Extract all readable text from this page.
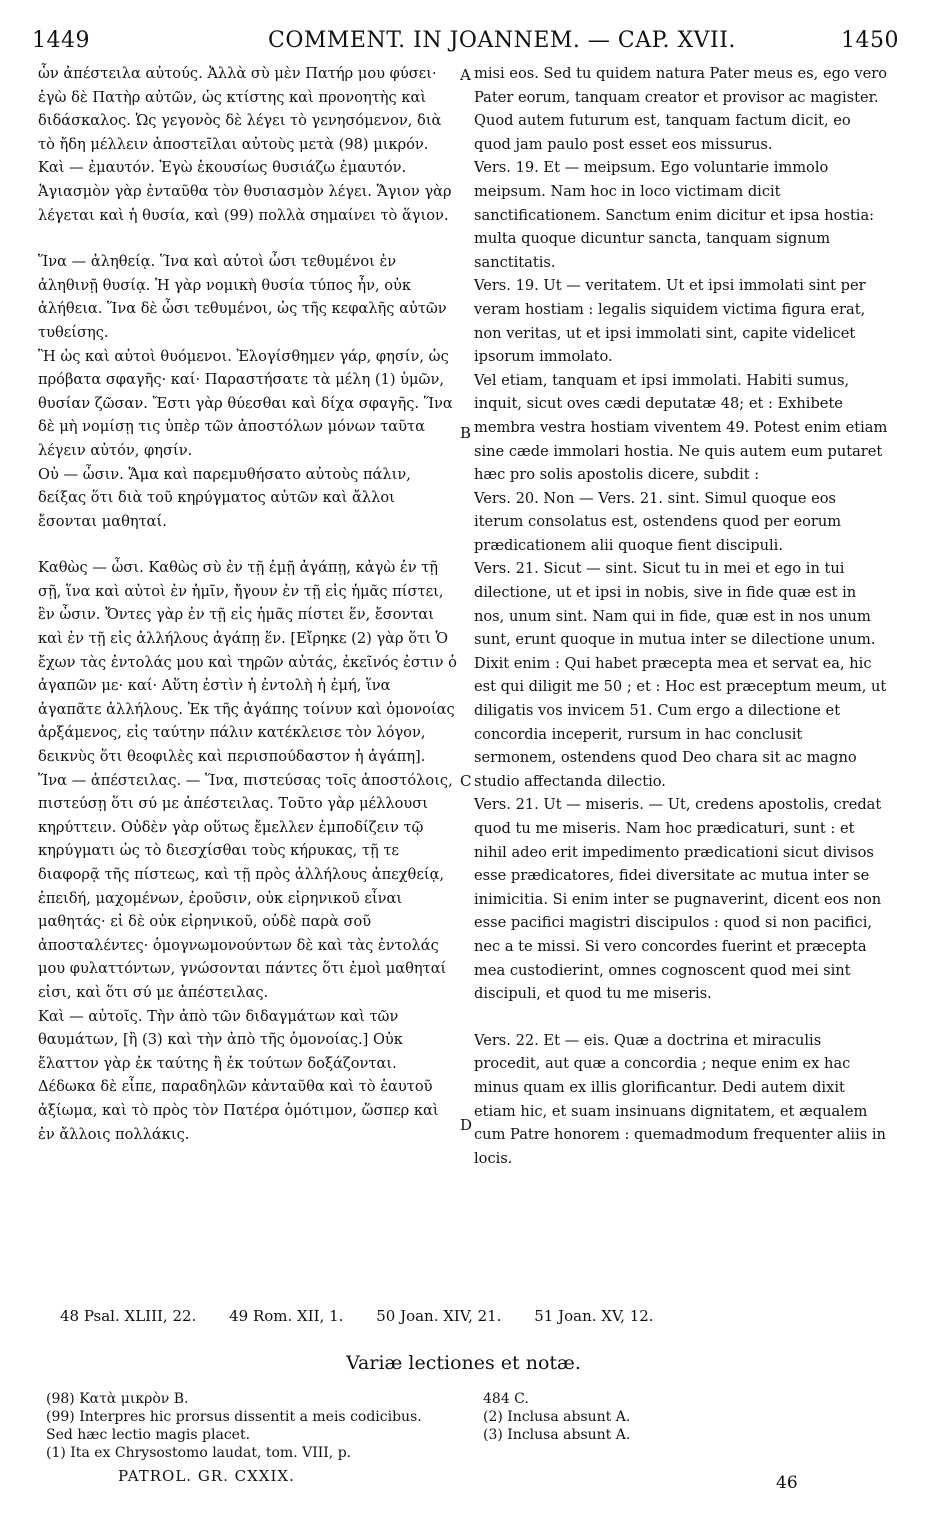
1449	COMMENT. IN JOANNEM. — CAP. XVII.	1450

ὧν ἀπέστειλα αὐτούς. Ἀλλὰ σὺ μὲν Πατήρ μου φύσει· ἐγὼ δὲ Πατὴρ αὐτῶν, ὡς κτίστης καὶ προνοητὴς καὶ διδάσκαλος. Ὡς γεγονὸς δὲ λέγει τὸ γενησόμενον, διὰ τὸ ἤδη μέλλειν ἀποστεῖλαι αὐτοὺς μετὰ (98) μικρόν.

Καὶ — ἐμαυτόν. Ἐγὼ ἑκουσίως θυσιάζω ἐμαυτόν. Ἁγιασμὸν γὰρ ἐνταῦθα τὸν θυσιασμὸν λέγει. Ἅγιον γὰρ λέγεται καὶ ἡ θυσία, καὶ (99) πολλὰ σημαίνει τὸ ἅγιον.

Ἵνα — ἀληθείᾳ. Ἵνα καὶ αὐτοὶ ὦσι τεθυμένοι ἐν ἀληθινῇ θυσίᾳ. Ἡ γὰρ νομικὴ θυσία τύπος ἦν, οὐκ ἀλήθεια. Ἵνα δὲ ὦσι τεθυμένοι, ὡς τῆς κεφαλῆς αὐτῶν τυθείσης.

Ἢ ὡς καὶ αὐτοὶ θυόμενοι. Ἐλογίσθημεν γάρ, φησίν, ὡς πρόβατα σφαγῆς· καί· Παραστήσατε τὰ μέλη (1) ὑμῶν, θυσίαν ζῶσαν. Ἔστι γὰρ θύεσθαι καὶ δίχα σφαγῆς. Ἵνα δὲ μὴ νομίσῃ τις ὑπὲρ τῶν ἀποστόλων μόνων ταῦτα λέγειν αὐτόν, φησίν.

Οὐ — ὦσιν. Ἅμα καὶ παρεμυθήσατο αὐτοὺς πάλιν, δείξας ὅτι διὰ τοῦ κηρύγματος αὐτῶν καὶ ἄλλοι ἔσονται μαθηταί.

Καθὼς — ὦσι. Καθὼς σὺ ἐν τῇ ἐμῇ ἀγάπῃ, κἀγὼ ἐν τῇ σῇ, ἵνα καὶ αὐτοὶ ἐν ἡμῖν, ἤγουν ἐν τῇ εἰς ἡμᾶς πίστει, ἓν ὦσιν. Ὄντες γὰρ ἐν τῇ εἰς ἡμᾶς πίστει ἕν, ἔσονται καὶ ἐν τῇ εἰς ἀλλήλους ἀγάπῃ ἕν. [Εἴρηκε (2) γὰρ ὅτι Ὁ ἔχων τὰς ἐντολάς μου καὶ τηρῶν αὐτάς, ἐκεῖνός ἐστιν ὁ ἀγαπῶν με· καί· Αὕτη ἐστὶν ἡ ἐντολὴ ἡ ἐμή, ἵνα ἀγαπᾶτε ἀλλήλους. Ἐκ τῆς ἀγάπης τοίνυν καὶ ὁμονοίας ἀρξάμενος, εἰς ταύτην πάλιν κατέκλεισε τὸν λόγον, δεικνὺς ὅτι θεοφιλὲς καὶ περισπούδαστον ἡ ἀγάπη].

Ἵνα — ἀπέστειλας. — Ἵνα, πιστεύσας τοῖς ἀποστόλοις, πιστεύσῃ ὅτι σύ με ἀπέστειλας. Τοῦτο γὰρ μέλλουσι κηρύττειν. Οὐδὲν γὰρ οὕτως ἔμελλεν ἐμποδίζειν τῷ κηρύγματι ὡς τὸ διεσχίσθαι τοὺς κήρυκας, τῇ τε διαφορᾷ τῆς πίστεως, καὶ τῇ πρὸς ἀλλήλους ἀπεχθείᾳ, ἐπειδή, μαχομένων, ἐροῦσιν, οὐκ εἰρηνικοῦ εἶναι μαθητάς· εἰ δὲ οὐκ εἰρηνικοῦ, οὐδὲ παρὰ σοῦ ἀποσταλέντες· ὁμογνωμονούντων δὲ καὶ τὰς ἐντολάς μου φυλαττόντων, γνώσονται πάντες ὅτι ἐμοὶ μαθηταί εἰσι, καὶ ὅτι σύ με ἀπέστειλας.

Καὶ — αὐτοῖς. Τὴν ἀπὸ τῶν διδαγμάτων καὶ τῶν θαυμάτων, [ἢ (3) καὶ τὴν ἀπὸ τῆς ὁμονοίας.] Οὐκ ἔλαττον γὰρ ἐκ ταύτης ἢ ἐκ τούτων δοξάζονται. Δέδωκα δὲ εἶπε, παραδηλῶν κἀνταῦθα καὶ τὸ ἑαυτοῦ ἀξίωμα, καὶ τὸ πρὸς τὸν Πατέρα ὁμότιμον, ὥσπερ καὶ ἐν ἄλλοις πολλάκις.

A
B
C
D

misi eos. Sed tu quidem natura Pater meus es, ego vero Pater eorum, tanquam creator et provisor ac magister. Quod autem futurum est, tanquam factum dicit, eo quod jam paulo post esset eos missurus.

Vers. 19. Et — meipsum. Ego voluntarie immolo meipsum. Nam hoc in loco victimam dicit sanctificationem. Sanctum enim dicitur et ipsa hostia: multa quoque dicuntur sancta, tanquam signum sanctitatis.

Vers. 19. Ut — veritatem. Ut et ipsi immolati sint per veram hostiam : legalis siquidem victima figura erat, non veritas, ut et ipsi immolati sint, capite videlicet ipsorum immolato.

Vel etiam, tanquam et ipsi immolati. Habiti sumus, inquit, sicut oves cædi deputatæ 48; et : Exhibete membra vestra hostiam viventem 49. Potest enim etiam sine cæde immolari hostia. Ne quis autem eum putaret hæc pro solis apostolis dicere, subdit :

Vers. 20. Non — Vers. 21. sint. Simul quoque eos iterum consolatus est, ostendens quod per eorum prædicationem alii quoque fient discipuli.

Vers. 21. Sicut — sint. Sicut tu in mei et ego in tui dilectione, ut et ipsi in nobis, sive in fide quæ est in nos, unum sint. Nam qui in fide, quæ est in nos unum sunt, erunt quoque in mutua inter se dilectione unum. Dixit enim : Qui habet præcepta mea et servat ea, hic est qui diligit me 50 ; et : Hoc est præceptum meum, ut diligatis vos invicem 51. Cum ergo a dilectione et concordia inceperit, rursum in hac conclusit sermonem, ostendens quod Deo chara sit ac magno studio affectanda dilectio.

Vers. 21. Ut — miseris. — Ut, credens apostolis, credat quod tu me miseris. Nam hoc prædicaturi, sunt : et nihil adeo erit impedimento prædicationi sicut divisos esse prædicatores, fidei diversitate ac mutua inter se inimicitia. Si enim inter se pugnaverint, dicent eos non esse pacifici magistri discipulos : quod si non pacifici, nec a te missi. Si vero concordes fuerint et præcepta mea custodierint, omnes cognoscent quod mei sint discipuli, et quod tu me miseris.

Vers. 22. Et — eis. Quæ a doctrina et miraculis procedit, aut quæ a concordia ; neque enim ex hac minus quam ex illis glorificantur. Dedi autem dixit etiam hic, et suam insinuans dignitatem, et æqualem cum Patre honorem : quemadmodum frequenter aliis in locis.

48 Psal. XLIII, 22. 49 Rom. XII, 1. 50 Joan. XIV, 21. 51 Joan. XV, 12.
Variæ lectiones et notæ.

(98) Κατὰ μικρὸν B.

(99) Interpres hic prorsus dissentit a meis codicibus. Sed hæc lectio magis placet.

(1) Ita ex Chrysostomo laudat, tom. VIII, p.

484 C.

(2) Inclusa absunt A.

(3) Inclusa absunt A.

PATROL. GR. CXXIX.	46
